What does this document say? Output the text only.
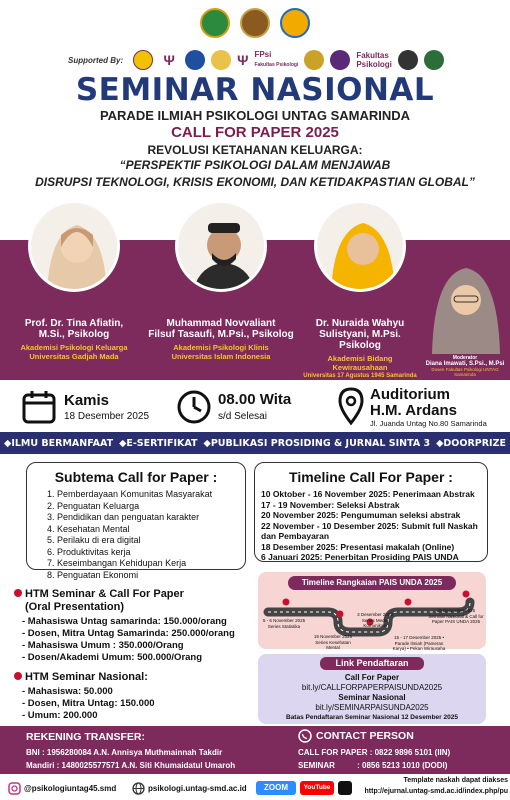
Supported By:	Ψ	Ψ FPsi
Fakultas Psikologi
Fakultas
Psikologi
SEMINAR NASIONAL
PARADE ILMIAH PSIKOLOGI UNTAG SAMARINDA
CALL FOR PAPER 2025
REVOLUSI KETAHANAN KELUARGA:
“PERSPEKTIF PSIKOLOGI DALAM MENJAWAB
DISRUPSI TEKNOLOGI, KRISIS EKONOMI, DAN KETIDAKPASTIAN GLOBAL”
Prof. Dr. Tina Afiatin,
M.Si., Psikolog
Akademisi Psikologi Keluarga
Universitas Gadjah Mada
Muhammad Novvaliant
Filsuf Tasaufi, M.Psi., Psikolog
Akademisi Psikologi Klinis
Universitas Islam Indonesia
Dr. Nuraida Wahyu
Sulistyani, M.Psi. Psikolog
Akademisi Bidang Kewirausahaan
Universitas 17 Agustus 1945 Samarinda
Moderator
Diana Imawati, S.Psi., M.Psi
Dosen Fakultas Psikologi UNTAG Samarinda
Kamis
18 Desember 2025
08.00 Wita
s/d Selesai
Auditorium
H.M. Ardans
Jl. Juanda Untag No.80 Samarinda
◆ILMU BERMANFAAT ◆E-SERTIFIKAT ◆PUBLIKASI PROSIDING & JURNAL SINTA 3 ◆DOORPRIZE
Subtema Call for Paper :
1. Pemberdayaan Komunitas Masyarakat
2. Penguatan Keluarga
3. Pendidikan dan penguatan karakter
4. Kesehatan Mental
5. Perilaku di era digital
6. Produktivitas kerja
7. Keseimbangan Kehidupan Kerja
8. Penguatan Ekonomi
Timeline Call For Paper :
10 Oktober - 16 November 2025: Penerimaan Abstrak
17 - 19 November: Seleksi Abstrak
20 November 2025: Pengumuman seleksi abstrak
22 November - 10 Desember 2025: Submit full Naskah
dan Pembayaran
18 Desember 2025: Presentasi makalah (Online)
6 Januari 2025: Penerbitan Prosiding PAIS UNDA
HTM Seminar & Call For Paper
(Oral Presentation)
- Mahasiswa Untag samarinda: 150.000/orang
- Dosen, Mitra Untag Samarinda: 250.000/orang
- Mahasiswa Umum : 350.000/Orang
- Dosen/Akademi Umum: 500.000/Orang
HTM Seminar Nasional:
- Mahasiswa: 50.000
- Dosen, Mitra Untag: 150.000
- Umum: 200.000
Timeline Rangkaian PAIS UNDA 2025
5 - 6 November 2025 Series Statistika
19 November 2025 Series Kesehatan Mental
3 Desember 2025 Series Media Komunikasi
15 - 17 Desember 2025 • Parade Ilmiah (Pameran Karya) • Pekan Wirausaha
18 Desember 2025 Seminar Nasional & Call for Paper PAIS UNDA 2025
Link Pendaftaran
Call For Paper
bit.ly/CALLFORPAPERPAISUNDA2025
Seminar Nasional
bit.ly/SEMINARPAISUNDA2025
Batas Pendaftaran Seminar Nasional 12 Desember 2025
REKENING TRANSFER:
BNI : 1956280084 A.N. Annisya Muthmainnah Takdir
Mandiri : 1480025577571 A.N. Siti Khumaidatul Umaroh
CONTACT PERSON
CALL FOR PAPER : 0822 9896 5101 (IIN)
SEMINAR          : 0856 5213 1010 (DODI)
@psikologiuntag45.smd	psikologi.untag-smd.ac.id	ZOOM	YouTube
Template naskah dapat diakses
http://ejurnal.untag-smd.ac.id/index.php/pu
